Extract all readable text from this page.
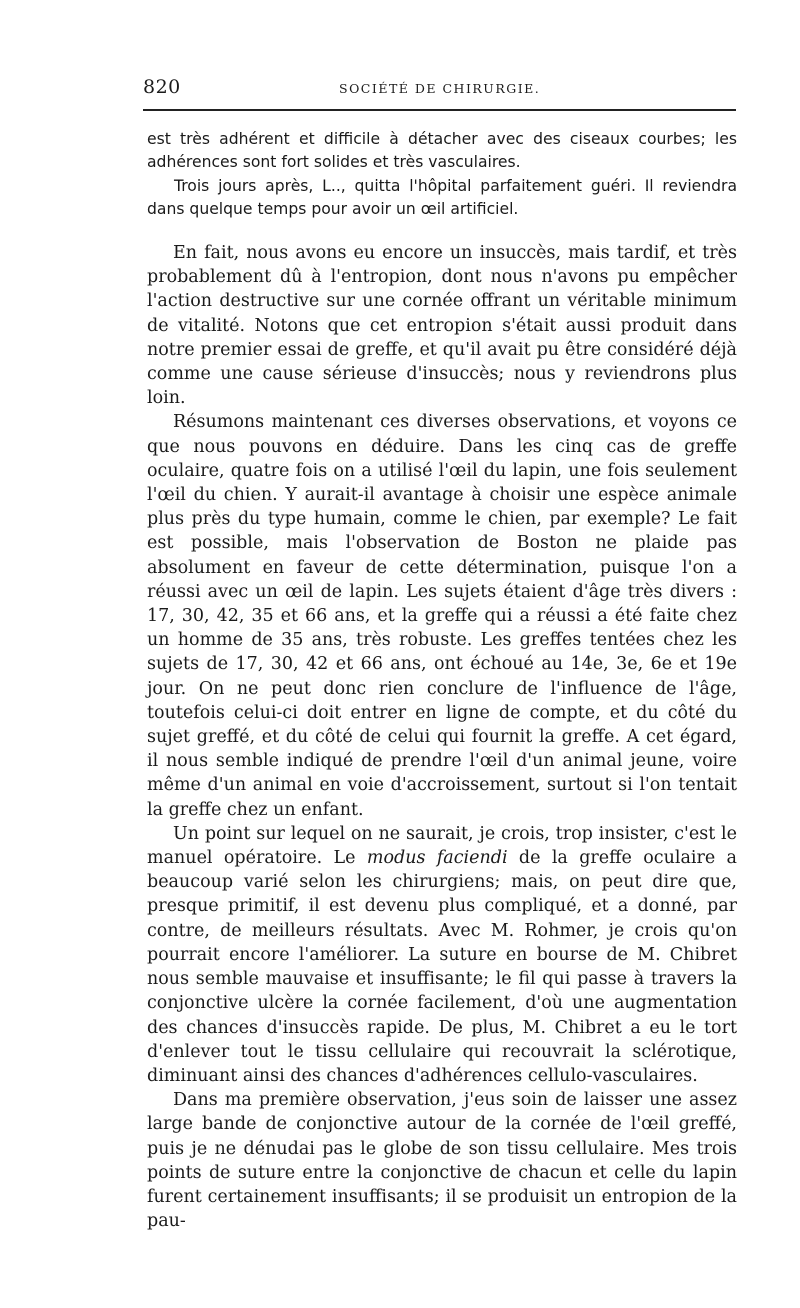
820	SOCIÉTÉ DE CHIRURGIE.

est très adhérent et difficile à détacher avec des ciseaux courbes; les adhérences sont fort solides et très vasculaires.

Trois jours après, L.., quitta l'hôpital parfaitement guéri. Il reviendra dans quelque temps pour avoir un œil artificiel.

En fait, nous avons eu encore un insuccès, mais tardif, et très probablement dû à l'entropion, dont nous n'avons pu empêcher l'action destructive sur une cornée offrant un véritable minimum de vitalité. Notons que cet entropion s'était aussi produit dans notre premier essai de greffe, et qu'il avait pu être considéré déjà comme une cause sérieuse d'insuccès; nous y reviendrons plus loin.

Résumons maintenant ces diverses observations, et voyons ce que nous pouvons en déduire. Dans les cinq cas de greffe oculaire, quatre fois on a utilisé l'œil du lapin, une fois seulement l'œil du chien. Y aurait-il avantage à choisir une espèce animale plus près du type humain, comme le chien, par exemple? Le fait est possible, mais l'observation de Boston ne plaide pas absolument en faveur de cette détermination, puisque l'on a réussi avec un œil de lapin. Les sujets étaient d'âge très divers : 17, 30, 42, 35 et 66 ans, et la greffe qui a réussi a été faite chez un homme de 35 ans, très robuste. Les greffes tentées chez les sujets de 17, 30, 42 et 66 ans, ont échoué au 14e, 3e, 6e et 19e jour. On ne peut donc rien conclure de l'influence de l'âge, toutefois celui-ci doit entrer en ligne de compte, et du côté du sujet greffé, et du côté de celui qui fournit la greffe. A cet égard, il nous semble indiqué de prendre l'œil d'un animal jeune, voire même d'un animal en voie d'accroissement, surtout si l'on tentait la greffe chez un enfant.

Un point sur lequel on ne saurait, je crois, trop insister, c'est le manuel opératoire. Le modus faciendi de la greffe oculaire a beaucoup varié selon les chirurgiens; mais, on peut dire que, presque primitif, il est devenu plus compliqué, et a donné, par contre, de meilleurs résultats. Avec M. Rohmer, je crois qu'on pourrait encore l'améliorer. La suture en bourse de M. Chibret nous semble mauvaise et insuffisante; le fil qui passe à travers la conjonctive ulcère la cornée facilement, d'où une augmentation des chances d'insuccès rapide. De plus, M. Chibret a eu le tort d'enlever tout le tissu cellulaire qui recouvrait la sclérotique, diminuant ainsi des chances d'adhérences cellulo-vasculaires.

Dans ma première observation, j'eus soin de laisser une assez large bande de conjonctive autour de la cornée de l'œil greffé, puis je ne dénudai pas le globe de son tissu cellulaire. Mes trois points de suture entre la conjonctive de chacun et celle du lapin furent certainement insuffisants; il se produisit un entropion de la pau-
